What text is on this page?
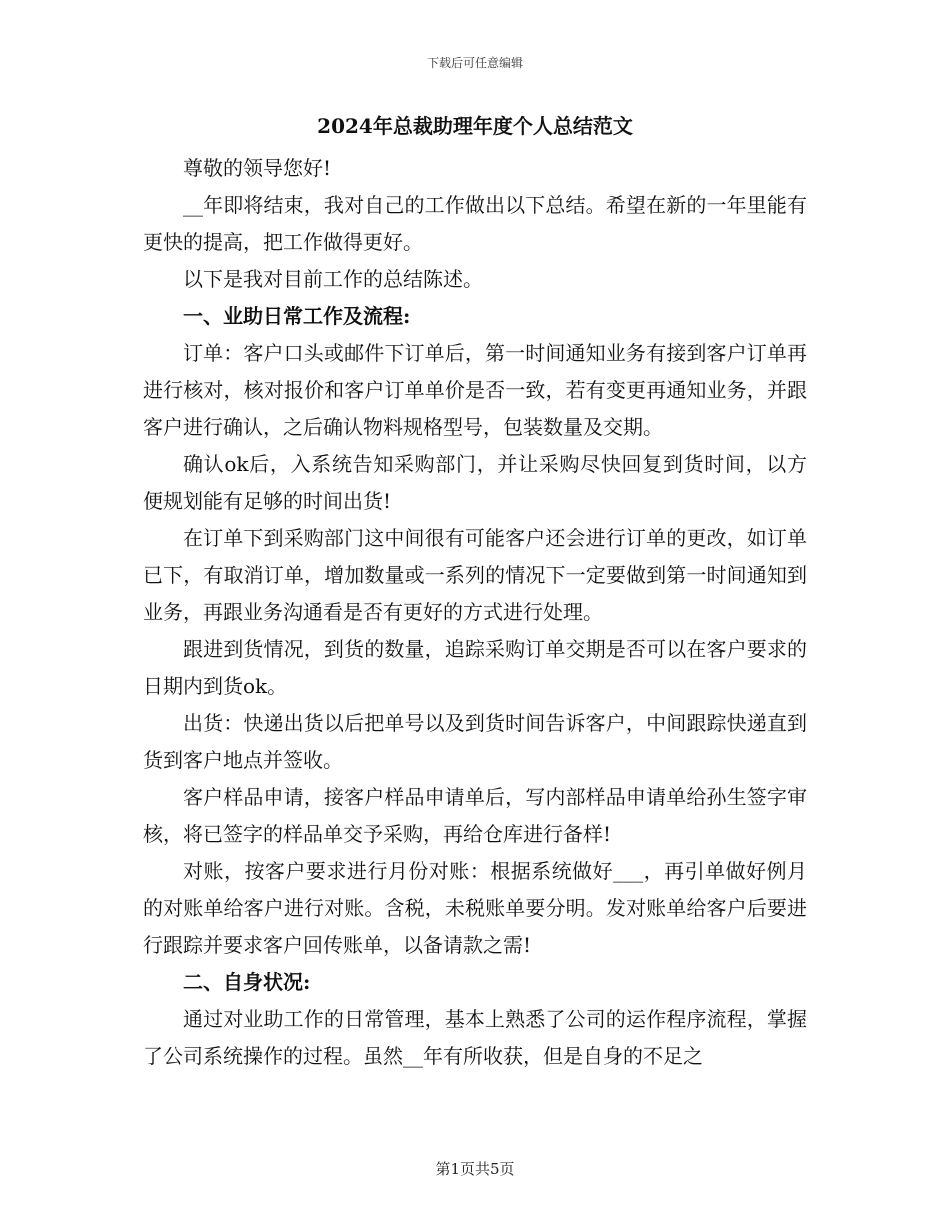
下载后可任意编辑
2024年总裁助理年度个人总结范文

尊敬的领导您好!

__年即将结束，我对自己的工作做出以下总结。希望在新的一年里能有更快的提高，把工作做得更好。

以下是我对目前工作的总结陈述。

一、业助日常工作及流程:

订单：客户口头或邮件下订单后，第一时间通知业务有接到客户订单再进行核对，核对报价和客户订单单价是否一致，若有变更再通知业务，并跟客户进行确认，之后确认物料规格型号，包装数量及交期。

确认ok后，入系统告知采购部门，并让采购尽快回复到货时间，以方便规划能有足够的时间出货!

在订单下到采购部门这中间很有可能客户还会进行订单的更改，如订单已下，有取消订单，增加数量或一系列的情况下一定要做到第一时间通知到业务，再跟业务沟通看是否有更好的方式进行处理。

跟进到货情况，到货的数量，追踪采购订单交期是否可以在客户要求的日期内到货ok。

出货：快递出货以后把单号以及到货时间告诉客户，中间跟踪快递直到货到客户地点并签收。

客户样品申请，接客户样品申请单后，写内部样品申请单给孙生签字审核，将已签字的样品单交予采购，再给仓库进行备样!

对账，按客户要求进行月份对账：根据系统做好___，再引单做好例月的对账单给客户进行对账。含税，未税账单要分明。发对账单给客户后要进行跟踪并要求客户回传账单，以备请款之需!

二、自身状况:

通过对业助工作的日常管理，基本上熟悉了公司的运作程序流程，掌握了公司系统操作的过程。虽然__年有所收获，但是自身的不足之

第1页共5页
